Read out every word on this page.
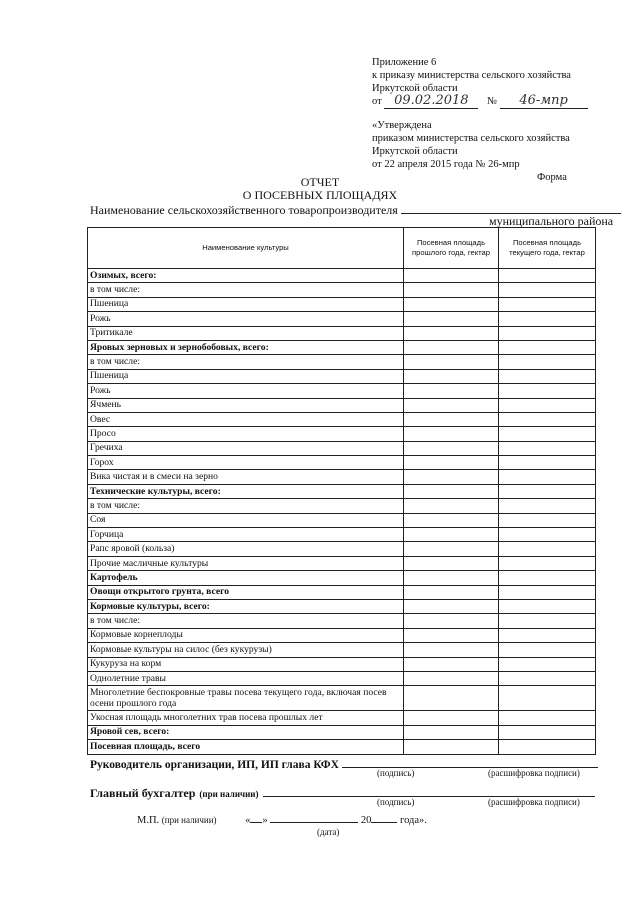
Приложение 6
к приказу министерства сельского хозяйства
Иркутской области
от 09.02.2018 № 46-мпр
«Утверждена
приказом министерства сельского хозяйства
Иркутской области
от 22 апреля 2015 года № 26-мпр
Форма
ОТЧЕТ
О ПОСЕВНЫХ ПЛОЩАДЯХ
Наименование сельскохозяйственного товаропроизводителя
муниципального района
Наименование культуры	Посевная площадь прошлого года, гектар	Посевная площадь текущего года, гектар
Озимых, всего:		
в том числе:		
Пшеница		
Рожь		
Тритикале		
Яровых зерновых и зернобобовых, всего:		
в том числе:		
Пшеница		
Рожь		
Ячмень		
Овес		
Просо		
Гречиха		
Горох		
Вика чистая и в смеси на зерно		
Технические культуры, всего:		
в том числе:		
Соя		
Горчица		
Рапс яровой (кольза)		
Прочие масличные культуры		
Картофель		
Овощи открытого грунта, всего		
Кормовые культуры, всего:		
в том числе:		
Кормовые корнеплоды		
Кормовые культуры на силос (без кукурузы)		
Кукуруза на корм		
Однолетние травы		
Многолетние беспокровные травы посева текущего года, включая посев осени прошлого года		
Укосная площадь многолетних трав посева прошлых лет		
Яровой сев, всего:		
Посевная площадь, всего		
Руководитель организации, ИП, ИП глава КФХ
(подпись)	(расшифровка подписи)
Главный бухгалтер (при наличии)
(подпись)	(расшифровка подписи)
М.П. (при наличии)	« »	20	года».
(дата)
